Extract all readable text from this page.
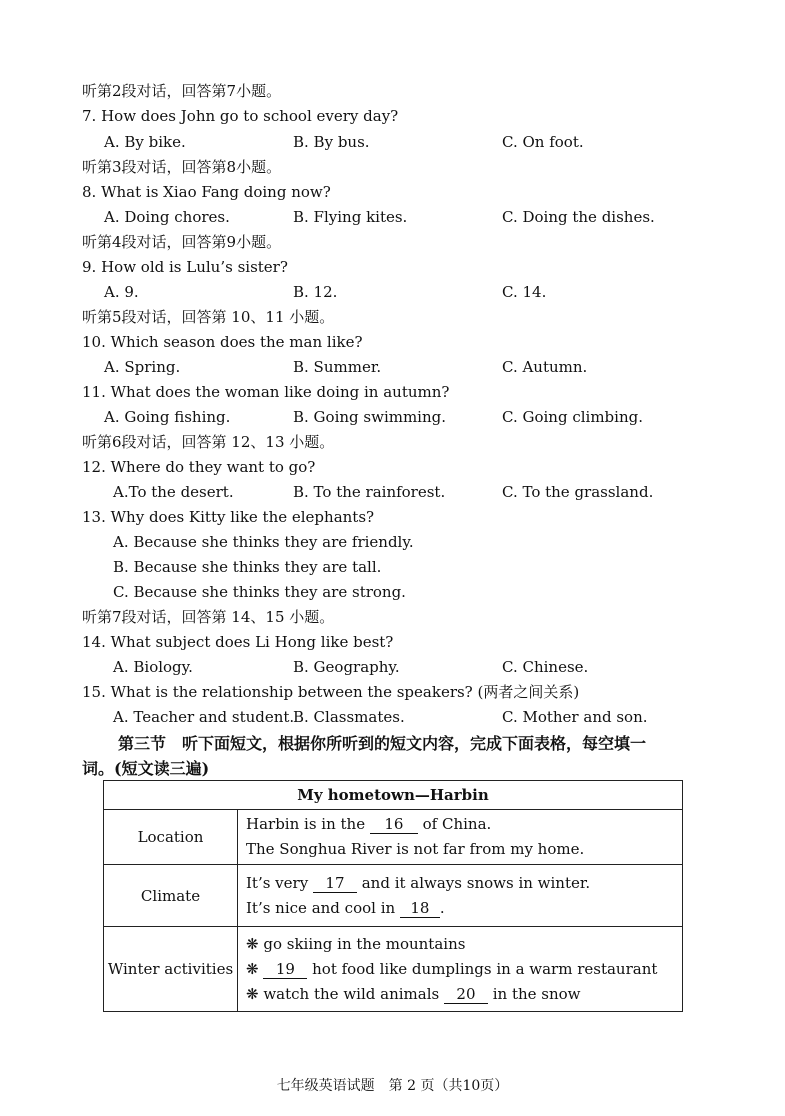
听第2段对话，回答第7小题。
7. How does John go to school every day?
A. By bike.	B. By bus.	C. On foot.
听第3段对话，回答第8小题。
8. What is Xiao Fang doing now?
A. Doing chores.	B. Flying kites.	C. Doing the dishes.
听第4段对话，回答第9小题。
9. How old is Lulu’s sister?
A. 9.	B. 12.	C. 14.
听第5段对话，回答第 10、11 小题。
10. Which season does the man like?
A. Spring.	B. Summer.	C. Autumn.
11. What does the woman like doing in autumn?
A. Going fishing.	B. Going swimming.	C. Going climbing.
听第6段对话，回答第 12、13 小题。
12. Where do they want to go?
A.To the desert.	B. To the rainforest.	C. To the grassland.
13. Why does Kitty like the elephants?
A. Because she thinks they are friendly.
B. Because she thinks they are tall.
C. Because she thinks they are strong.
听第7段对话，回答第 14、15 小题。
14. What subject does Li Hong like best?
A. Biology.	B. Geography.	C. Chinese.
15. What is the relationship between the speakers? (两者之间关系)
A. Teacher and student.
B. Classmates.	C. Mother and son.
第三节　听下面短文，根据你所听到的短文内容，完成下面表格，每空填一
词。(短文读三遍)
My hometown—Harbin	
Location	Harbin is in the 16 of China.
The Songhua River is not far from my home.

Climate	It’s very 17 and it always snows in winter.
It’s nice and cool in 18 .

Winter activities	❋ go skiing in the mountains
❋ 19 hot food like dumplings in a warm restaurant
❋ watch the wild animals 20 in the snow
七年级英语试题　第 2 页（共10页）
